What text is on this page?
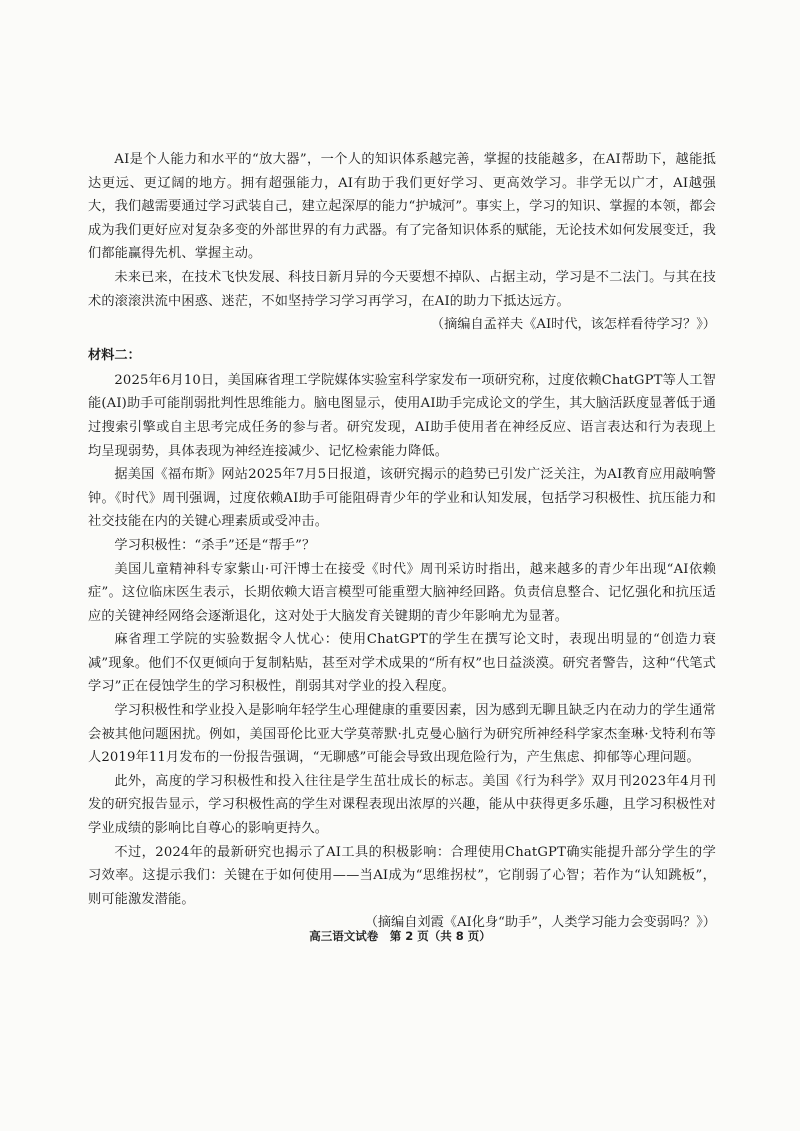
AI是个人能力和水平的“放大器”，一个人的知识体系越完善，掌握的技能越多，在AI帮助下，越能抵达更远、更辽阔的地方。拥有超强能力，AI有助于我们更好学习、更高效学习。非学无以广才，AI越强大，我们越需要通过学习武装自己，建立起深厚的能力“护城河”。事实上，学习的知识、掌握的本领，都会成为我们更好应对复杂多变的外部世界的有力武器。有了完备知识体系的赋能，无论技术如何发展变迁，我们都能赢得先机、掌握主动。

未来已来，在技术飞快发展、科技日新月异的今天要想不掉队、占据主动，学习是不二法门。与其在技术的滚滚洪流中困惑、迷茫，不如坚持学习学习再学习，在AI的助力下抵达远方。

（摘编自孟祥夫《AI时代，该怎样看待学习？》）

材料二：

2025年6月10日，美国麻省理工学院媒体实验室科学家发布一项研究称，过度依赖ChatGPT等人工智能(AI)助手可能削弱批判性思维能力。脑电图显示，使用AI助手完成论文的学生，其大脑活跃度显著低于通过搜索引擎或自主思考完成任务的参与者。研究发现，AI助手使用者在神经反应、语言表达和行为表现上均呈现弱势，具体表现为神经连接减少、记忆检索能力降低。

据美国《福布斯》网站2025年7月5日报道，该研究揭示的趋势已引发广泛关注，为AI教育应用敲响警钟。《时代》周刊强调，过度依赖AI助手可能阻碍青少年的学业和认知发展，包括学习积极性、抗压能力和社交技能在内的关键心理素质或受冲击。

学习积极性：“杀手”还是“帮手”？

美国儿童精神科专家紫山·可汗博士在接受《时代》周刊采访时指出，越来越多的青少年出现“AI依赖症”。这位临床医生表示，长期依赖大语言模型可能重塑大脑神经回路。负责信息整合、记忆强化和抗压适应的关键神经网络会逐渐退化，这对处于大脑发育关键期的青少年影响尤为显著。

麻省理工学院的实验数据令人忧心：使用ChatGPT的学生在撰写论文时，表现出明显的“创造力衰减”现象。他们不仅更倾向于复制粘贴，甚至对学术成果的“所有权”也日益淡漠。研究者警告，这种“代笔式学习”正在侵蚀学生的学习积极性，削弱其对学业的投入程度。

学习积极性和学业投入是影响年轻学生心理健康的重要因素，因为感到无聊且缺乏内在动力的学生通常会被其他问题困扰。例如，美国哥伦比亚大学莫蒂默·扎克曼心脑行为研究所神经科学家杰奎琳·戈特利布等人2019年11月发布的一份报告强调，“无聊感”可能会导致出现危险行为，产生焦虑、抑郁等心理问题。

此外，高度的学习积极性和投入往往是学生茁壮成长的标志。美国《行为科学》双月刊2023年4月刊发的研究报告显示，学习积极性高的学生对课程表现出浓厚的兴趣，能从中获得更多乐趣，且学习积极性对学业成绩的影响比自尊心的影响更持久。

不过，2024年的最新研究也揭示了AI工具的积极影响：合理使用ChatGPT确实能提升部分学生的学习效率。这提示我们：关键在于如何使用——当AI成为“思维拐杖”，它削弱了心智；若作为“认知跳板”，则可能激发潜能。

（摘编自刘霞《AI化身“助手”，人类学习能力会变弱吗？》）

高三语文试卷　第 2 页（共 8 页）
